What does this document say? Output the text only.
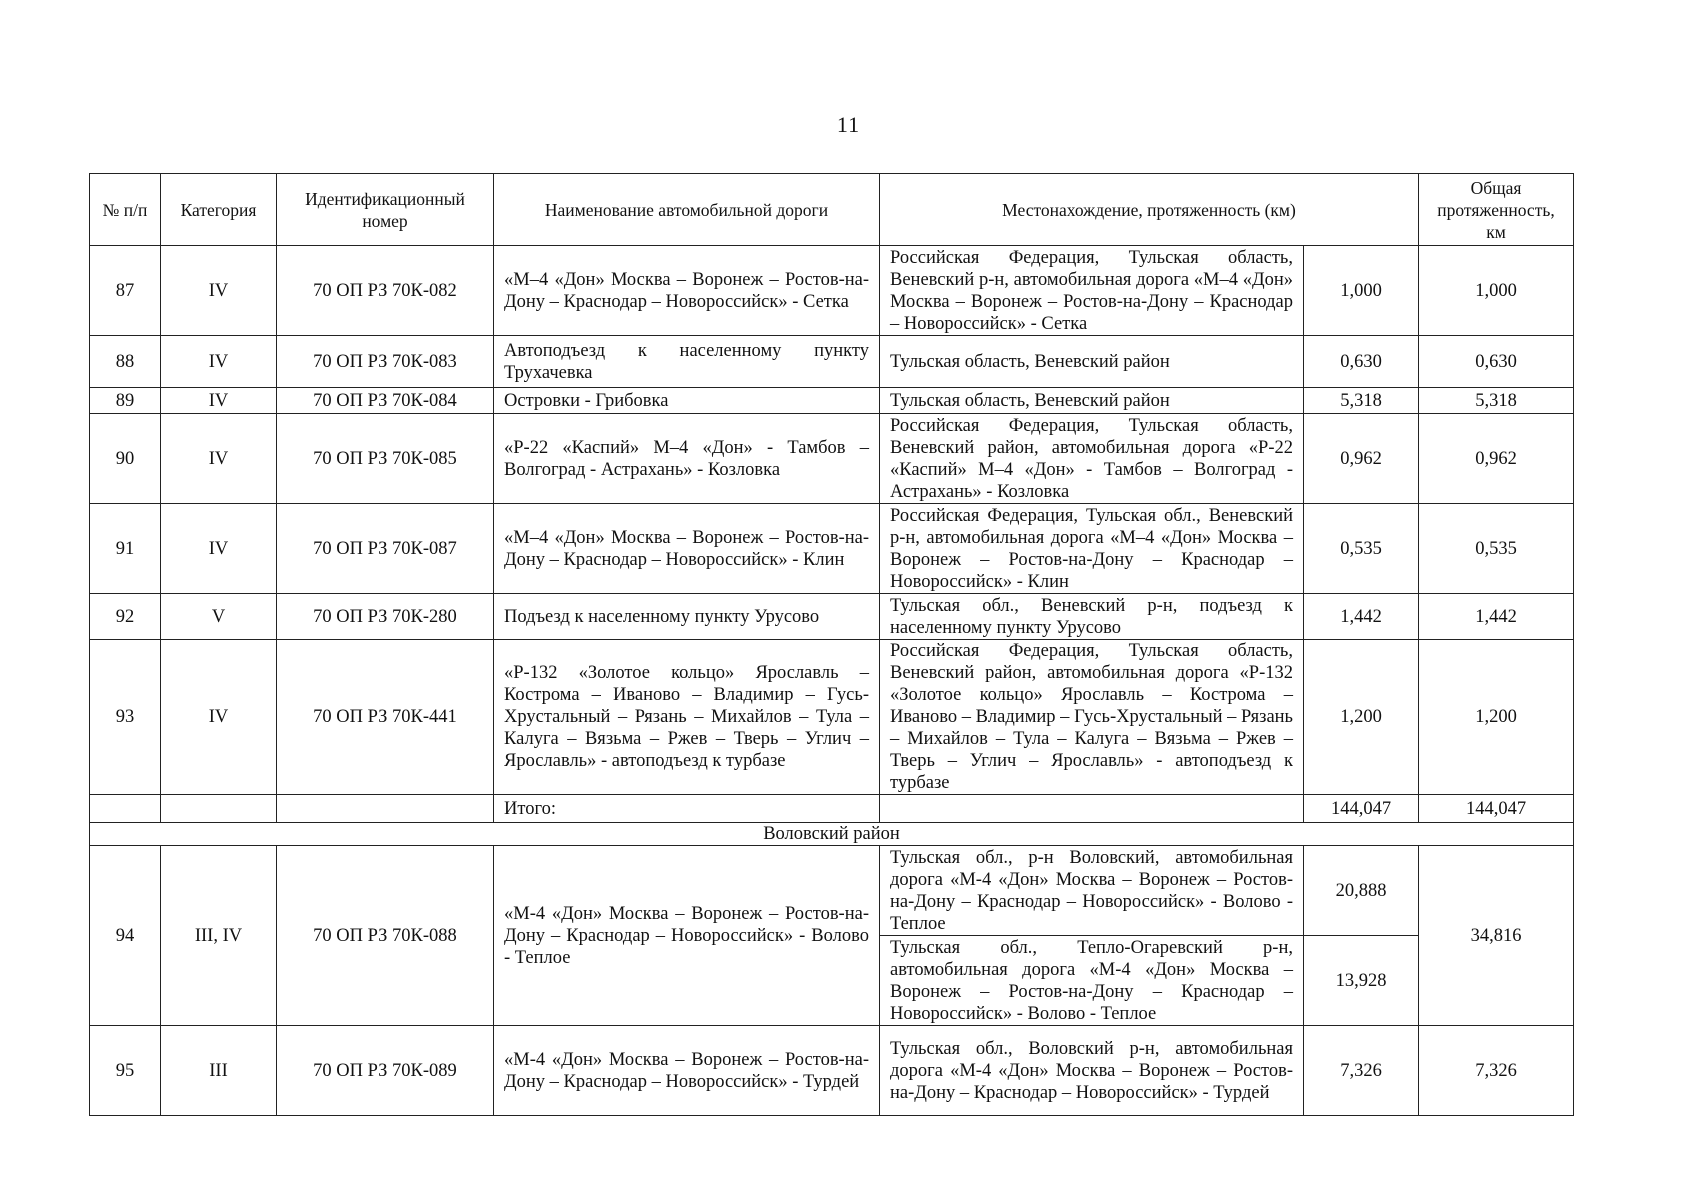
11
№ п/п	Категория	Идентификационный номер	Наименование автомобильной дороги	Местонахождение, протяженность (км)		Общая протяженность, км
87	IV	70 ОП РЗ 70К-082	«М–4 «Дон» Москва – Воронеж – Ростов-на-Дону – Краснодар – Новороссийск» - Сетка	Российская Федерация, Тульская область, Веневский р-н, автомобильная дорога «М–4 «Дон» Москва – Воронеж – Ростов-на-Дону – Краснодар – Новороссийск» - Сетка	1,000	1,000
88	IV	70 ОП РЗ 70К-083	Автоподъезд к населенному пункту Трухачевка	Тульская область, Веневский район	0,630	0,630
89	IV	70 ОП РЗ 70К-084	Островки - Грибовка	Тульская область, Веневский район	5,318	5,318
90	IV	70 ОП РЗ 70К-085	«Р-22 «Каспий» М–4 «Дон» - Тамбов – Волгоград - Астрахань» - Козловка	Российская Федерация, Тульская область, Веневский район, автомобильная дорога «Р-22 «Каспий» М–4 «Дон» - Тамбов – Волгоград - Астрахань» - Козловка	0,962	0,962
91	IV	70 ОП РЗ 70К-087	«М–4 «Дон» Москва – Воронеж – Ростов-на-Дону – Краснодар – Новороссийск» - Клин	Российская Федерация, Тульская обл., Веневский р-н, автомобильная дорога «М–4 «Дон» Москва – Воронеж – Ростов-на-Дону – Краснодар – Новороссийск» - Клин	0,535	0,535
92	V	70 ОП РЗ 70К-280	Подъезд к населенному пункту Урусово	Тульская обл., Веневский р-н, подъезд к населенному пункту Урусово	1,442	1,442
93	IV	70 ОП РЗ 70К-441	«Р-132 «Золотое кольцо» Ярославль – Кострома – Иваново – Владимир – Гусь-Хрустальный – Рязань – Михайлов – Тула – Калуга – Вязьма – Ржев – Тверь – Углич – Ярославль» - автоподъезд к турбазе	Российская Федерация, Тульская область, Веневский район, автомобильная дорога «Р-132 «Золотое кольцо» Ярославль – Кострома – Иваново – Владимир – Гусь-Хрустальный – Рязань – Михайлов – Тула – Калуга – Вязьма – Ржев – Тверь – Углич – Ярославль» - автоподъезд к турбазе	1,200	1,200
			Итого:		144,047	144,047
Воловский район						
94	III, IV	70 ОП РЗ 70К-088	«М-4 «Дон» Москва – Воронеж – Ростов-на-Дону – Краснодар – Новороссийск» - Волово - Теплое	Тульская обл., р-н Воловский, автомобильная дорога «М-4 «Дон» Москва – Воронеж – Ростов-на-Дону – Краснодар – Новороссийск» - Волово - Теплое	20,888	34,816
				Тульская обл., Тепло-Огаревский р-н, автомобильная дорога «М-4 «Дон» Москва – Воронеж – Ростов-на-Дону – Краснодар – Новороссийск» - Волово - Теплое	13,928	
95	III	70 ОП РЗ 70К-089	«М-4 «Дон» Москва – Воронеж – Ростов-на-Дону – Краснодар – Новороссийск» - Турдей	Тульская обл., Воловский р-н, автомобильная дорога «М-4 «Дон» Москва – Воронеж – Ростов-на-Дону – Краснодар – Новороссийск» - Турдей	7,326	7,326
